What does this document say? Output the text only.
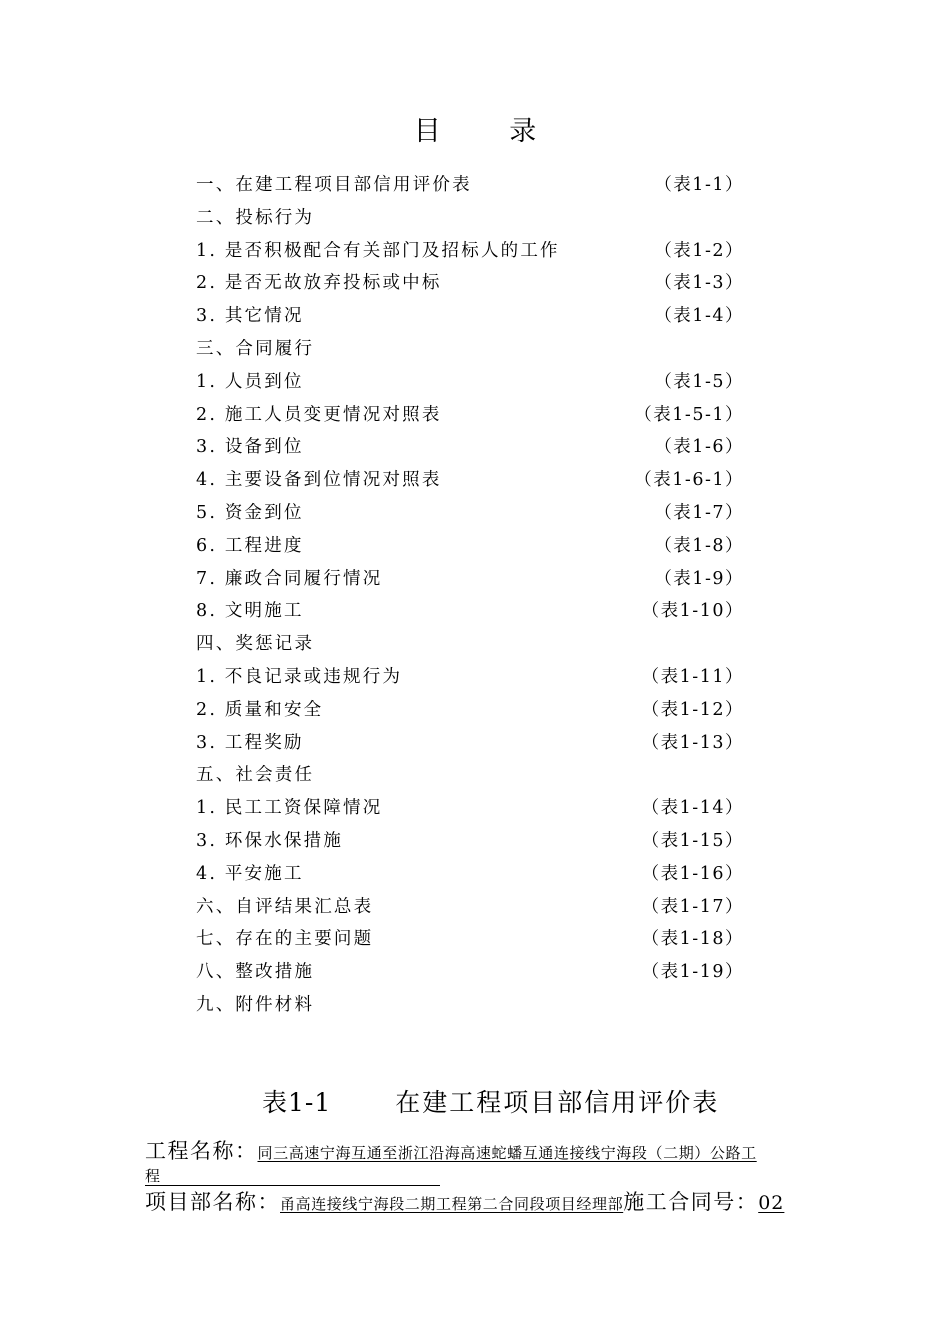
目 录
一、在建工程项目部信用评价表	（表1-1）
二、投标行为
1. 是否积极配合有关部门及招标人的工作	（表1-2）
2. 是否无故放弃投标或中标	（表1-3）
3. 其它情况	（表1-4）
三、合同履行
1. 人员到位	（表1-5）
2. 施工人员变更情况对照表	（表1-5-1）
3. 设备到位	（表1-6）
4. 主要设备到位情况对照表	（表1-6-1）
5. 资金到位	（表1-7）
6. 工程进度	（表1-8）
7. 廉政合同履行情况	（表1-9）
8. 文明施工	（表1-10）
四、奖惩记录
1. 不良记录或违规行为	（表1-11）
2. 质量和安全	（表1-12）
3. 工程奖励	（表1-13）
五、社会责任
1. 民工工资保障情况	（表1-14）
3. 环保水保措施	（表1-15）
4. 平安施工	（表1-16）
六、自评结果汇总表	（表1-17）
七、存在的主要问题	（表1-18）
八、整改措施	（表1-19）
九、附件材料
表1-1	在建工程项目部信用评价表
工程名称：同三高速宁海互通至浙江沿海高速蛇蟠互通连接线宁海段（二期）公路工
程
项目部名称：甬高连接线宁海段二期工程第二合同段项目经理部施工合同号：02
